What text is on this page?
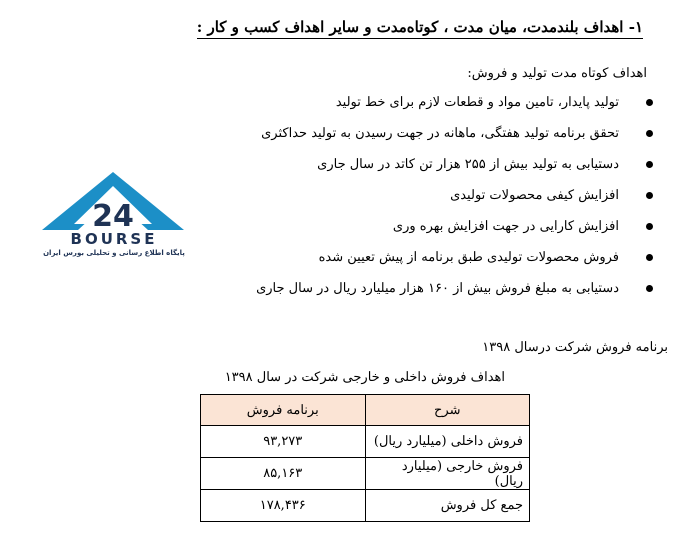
۱- اهداف بلندمدت، میان مدت ، کوتاه‌مدت و سایر اهداف کسب و کار :
اهداف کوتاه مدت تولید و فروش:
تولید پایدار، تامین مواد و قطعات لازم برای خط تولید
تحقق برنامه تولید هفتگی، ماهانه در جهت رسیدن به تولید حداکثری
دستیابی به تولید بیش از ۲۵۵ هزار تن کاتد در سال جاری
افزایش کیفی محصولات تولیدی
افزایش کارایی در جهت افزایش بهره وری
فروش محصولات تولیدی طبق برنامه از پیش تعیین شده
دستیابی به مبلغ فروش بیش از ۱۶۰ هزار میلیارد ریال در سال جاری
24
BOURSE
پایگاه اطلاع رسانی و تحلیلی بورس ایران
برنامه فروش شرکت درسال ۱۳۹۸
اهداف فروش داخلی و خارجی شرکت در سال ۱۳۹۸
شرح	برنامه فروش
فروش داخلی (میلیارد ریال)	۹۳,۲۷۳
فروش خارجی (میلیارد ریال)	۸۵,۱۶۳
جمع کل فروش	۱۷۸,۴۳۶
